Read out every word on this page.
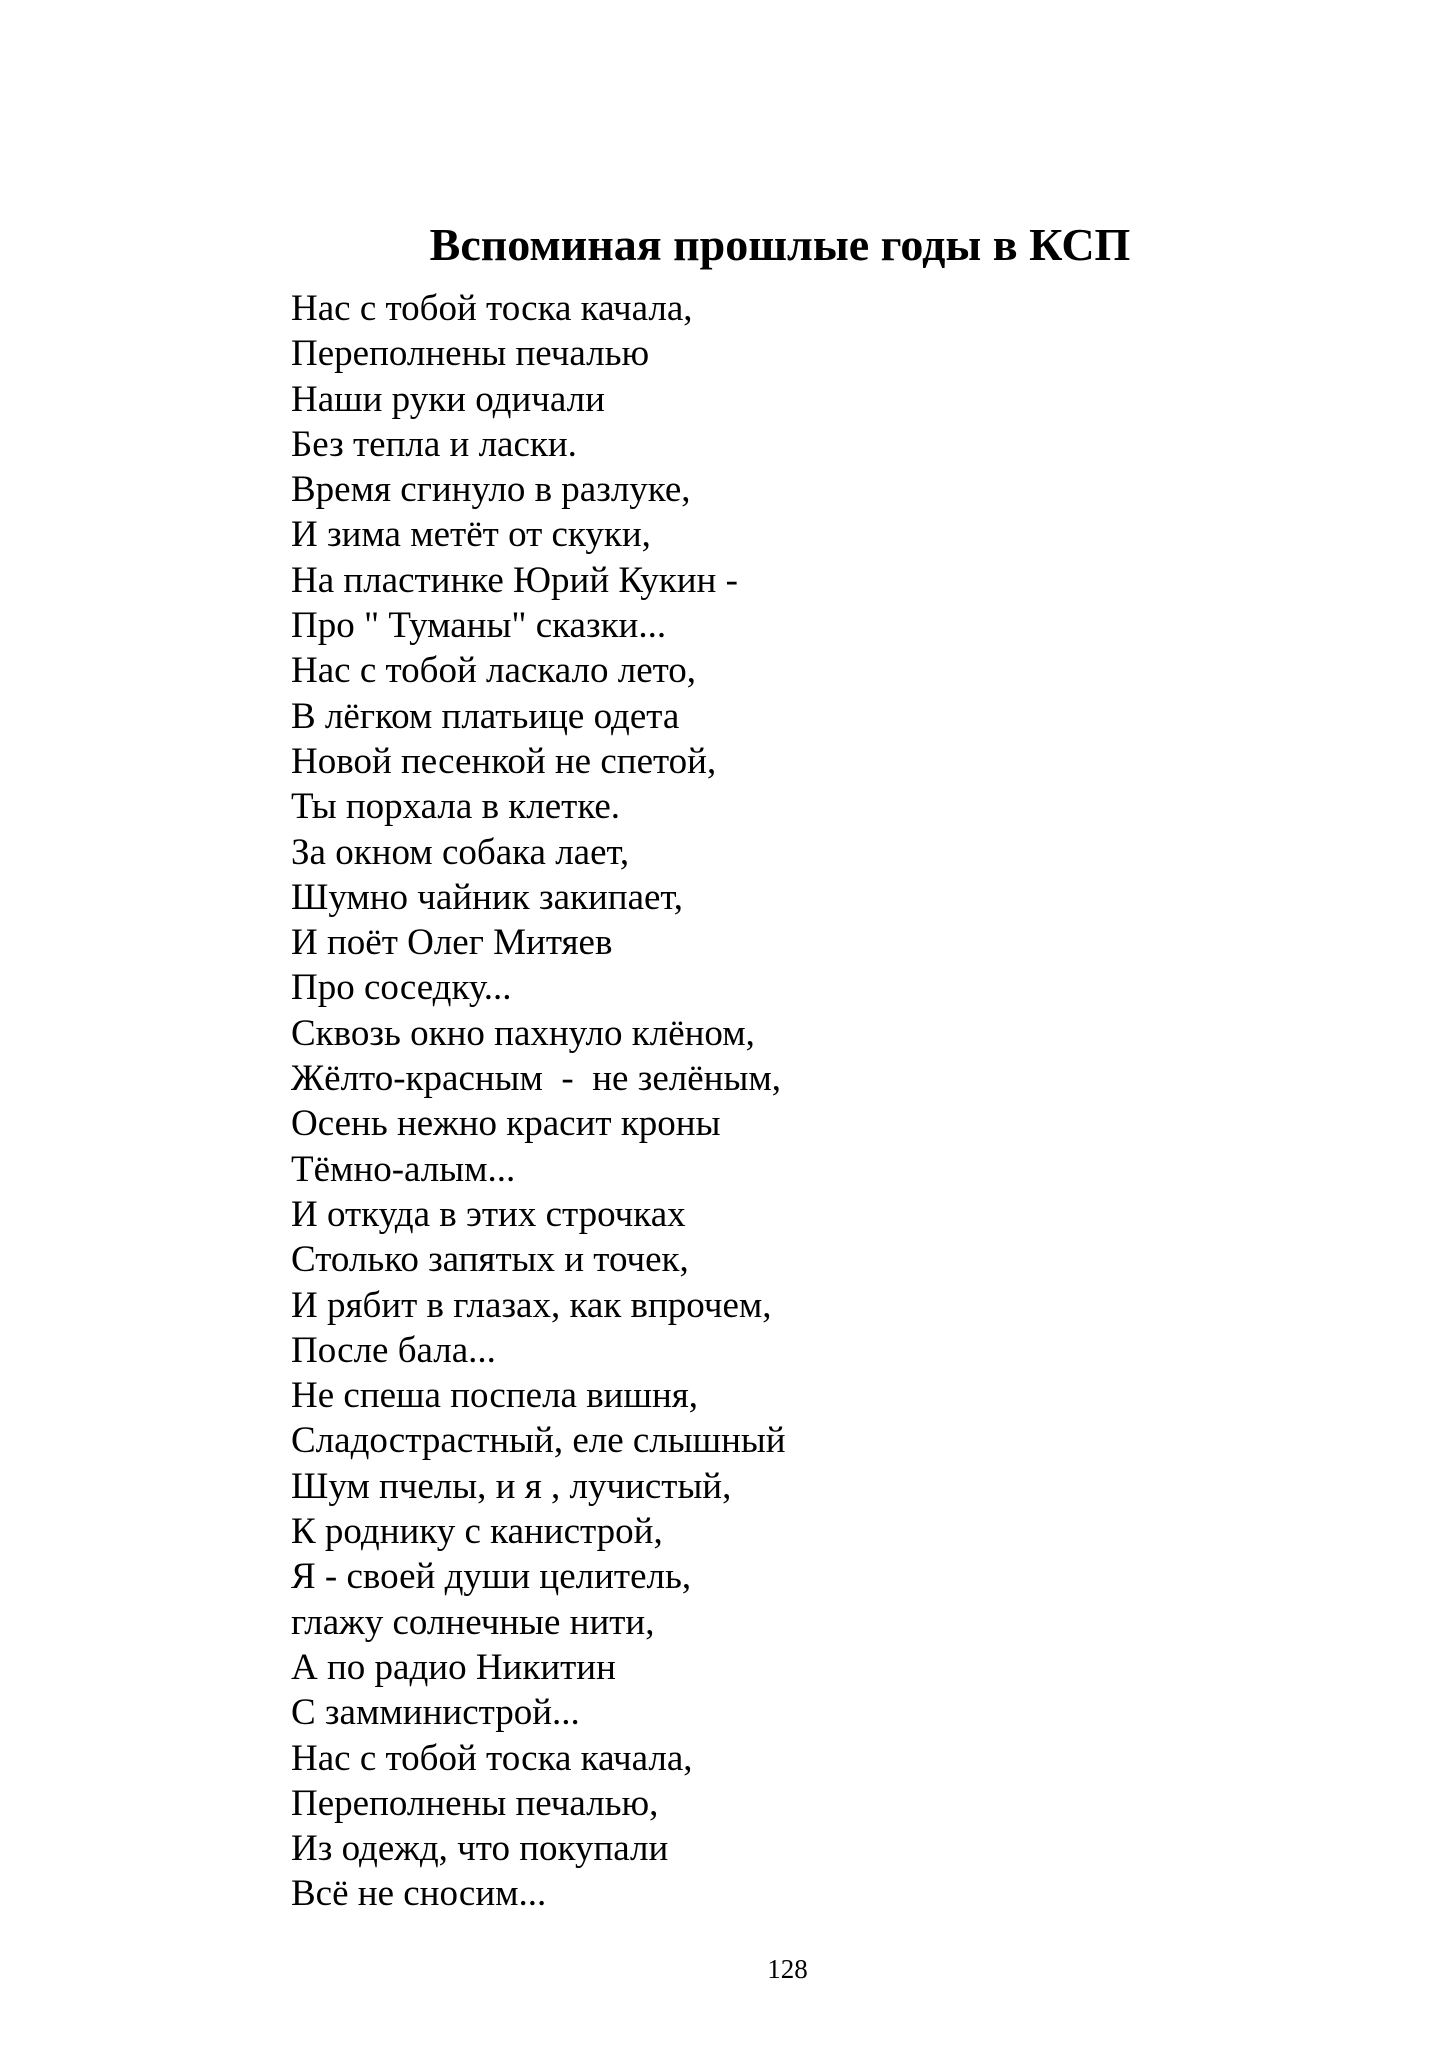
Вспоминая прошлые годы в КСП
Нас с тобой тоска качала,
Переполнены печалью
Наши руки одичали
Без тепла и ласки.
Время сгинуло в разлуке,
И зима метёт от скуки,
На пластинке Юрий Кукин -
Про " Туманы" сказки...
Нас с тобой ласкало лето,
В лёгком платьице одета
Новой песенкой не спетой,
Ты порхала в клетке.
За окном собака лает,
Шумно чайник закипает,
И поёт Олег Митяев
Про соседку...
Сквозь окно пахнуло клёном,
Жёлто-красным  -  не зелёным,
Осень нежно красит кроны
Тёмно-алым...
И откуда в этих строчках
Столько запятых и точек,
И рябит в глазах, как впрочем,
После бала...
Не спеша поспела вишня,
Сладострастный, еле слышный
Шум пчелы, и я , лучистый,
К роднику с канистрой,
Я - своей души целитель,
глажу солнечные нити,
А по радио Никитин
С замминистрой...
Нас с тобой тоска качала,
Переполнены печалью,
Из одежд, что покупали
Всё не сносим...
128
